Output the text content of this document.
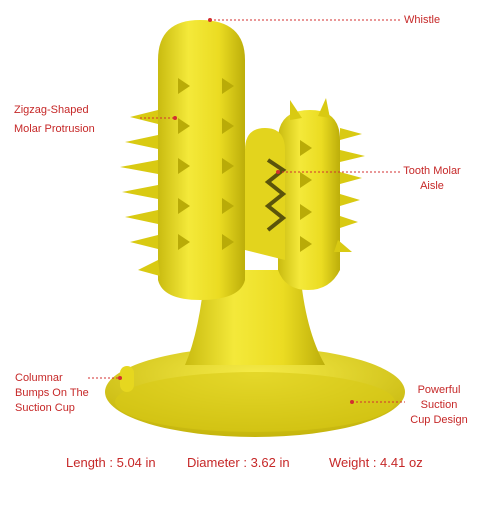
Whistle
Zigzag-Shaped
Molar Protrusion
Tooth Molar
Aisle
Columnar
Bumps On The
Suction Cup
Powerful
Suction
Cup Design
Length : 5.04 in Diameter : 3.62 in	Weight : 4.41 oz
